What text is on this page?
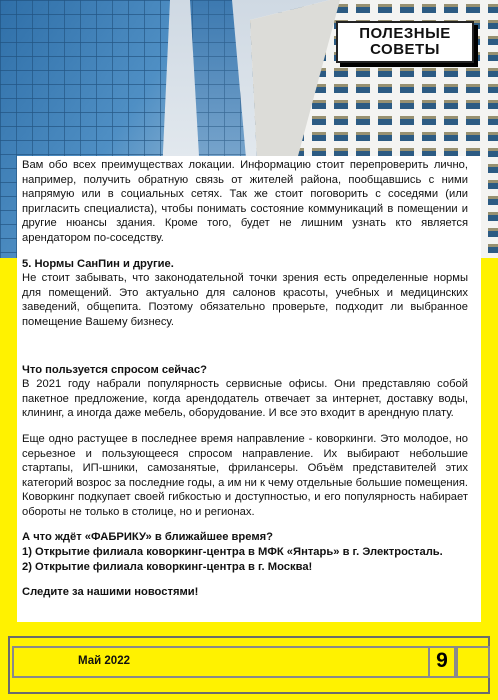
ПОЛЕЗНЫЕ
СОВЕТЫ

Вам обо всех преимуществах локации. Информацию стоит перепроверить лично, например, получить обратную связь от жителей района, пообщавшись с ними напрямую или в социальных сетях. Так же стоит поговорить с соседями (или пригласить специалиста), чтобы понимать состояние коммуникаций в помещении и другие нюансы здания. Кроме того, будет не лишним узнать кто является арендатором по-соседству.

5. Нормы СанПин и другие.

Не стоит забывать, что законодательной точки зрения есть определенные нормы для помещений. Это актуально для салонов красоты, учебных и медицинских заведений, общепита. Поэтому обязательно проверьте, подходит ли выбранное помещение Вашему бизнесу.

Что пользуется спросом сейчас?

В 2021 году набрали популярность сервисные офисы. Они представляю собой пакетное предложение, когда арендодатель отвечает за интернет, доставку воды, клининг, а иногда даже мебель, оборудование. И все это входит в арендную плату.

Еще одно растущее в последнее время направление - коворкинги. Это молодое, но серьезное и пользующееся спросом направление. Их выбирают небольшие стартапы, ИП-шники, самозанятые, фрилансеры. Объём представителей этих категорий возрос за последние годы, а им ни к чему отдельные большие помещения.

Коворкинг подкупает своей гибкостью и доступностью, и его популярность набирает обороты не только в столице, но и регионах.

А что ждёт «ФАБРИКУ» в ближайшее время?

1) Открытие филиала коворкинг-центра в МФК «Янтарь» в г. Электросталь.

2) Открытие филиала коворкинг-центра в г. Москва!

Следите за нашими новостями!

Май 2022	9
